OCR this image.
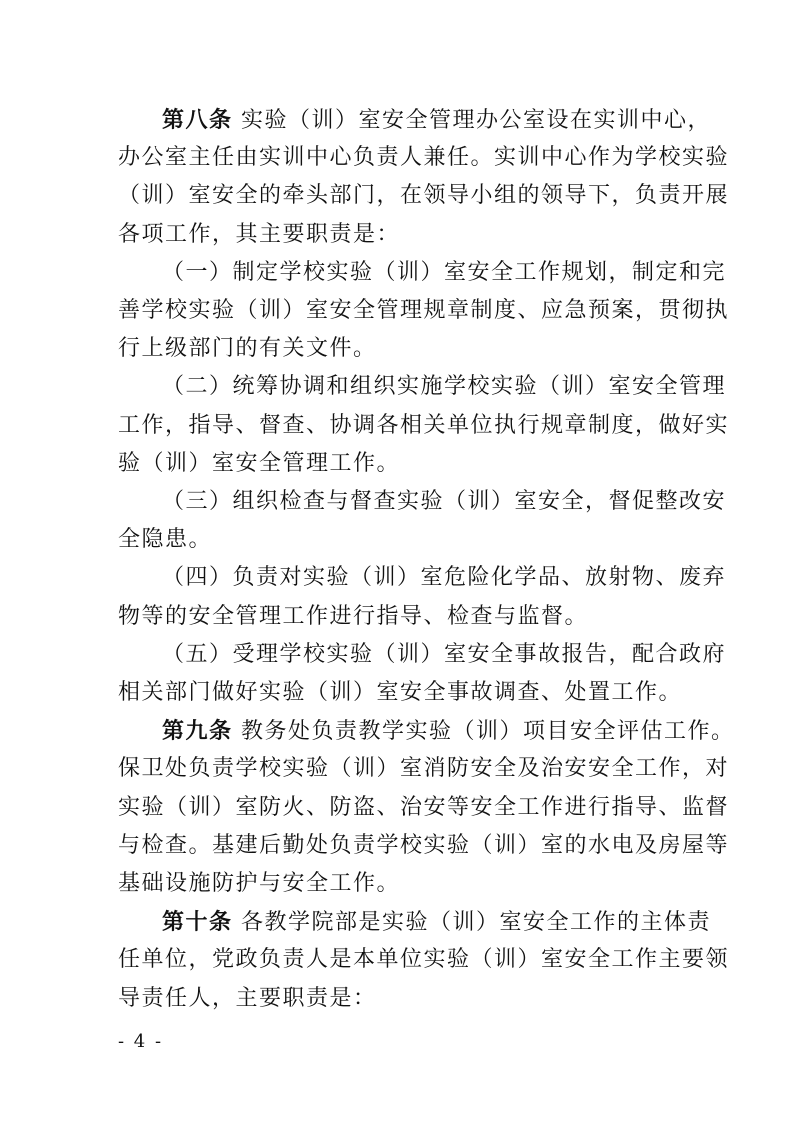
第八条 实验（训）室安全管理办公室设在实训中心，
办公室主任由实训中心负责人兼任。实训中心作为学校实验
（训）室安全的牵头部门，在领导小组的领导下，负责开展
各项工作，其主要职责是：
（一）制定学校实验（训）室安全工作规划，制定和完
善学校实验（训）室安全管理规章制度、应急预案，贯彻执
行上级部门的有关文件。
（二）统筹协调和组织实施学校实验（训）室安全管理
工作，指导、督查、协调各相关单位执行规章制度，做好实
验（训）室安全管理工作。
（三）组织检查与督查实验（训）室安全，督促整改安
全隐患。
（四）负责对实验（训）室危险化学品、放射物、废弃
物等的安全管理工作进行指导、检查与监督。
（五）受理学校实验（训）室安全事故报告，配合政府
相关部门做好实验（训）室安全事故调查、处置工作。
第九条 教务处负责教学实验（训）项目安全评估工作。
保卫处负责学校实验（训）室消防安全及治安安全工作，对
实验（训）室防火、防盗、治安等安全工作进行指导、监督
与检查。基建后勤处负责学校实验（训）室的水电及房屋等
基础设施防护与安全工作。
第十条 各教学院部是实验（训）室安全工作的主体责
任单位，党政负责人是本单位实验（训）室安全工作主要领
导责任人，主要职责是：
- 4 -
